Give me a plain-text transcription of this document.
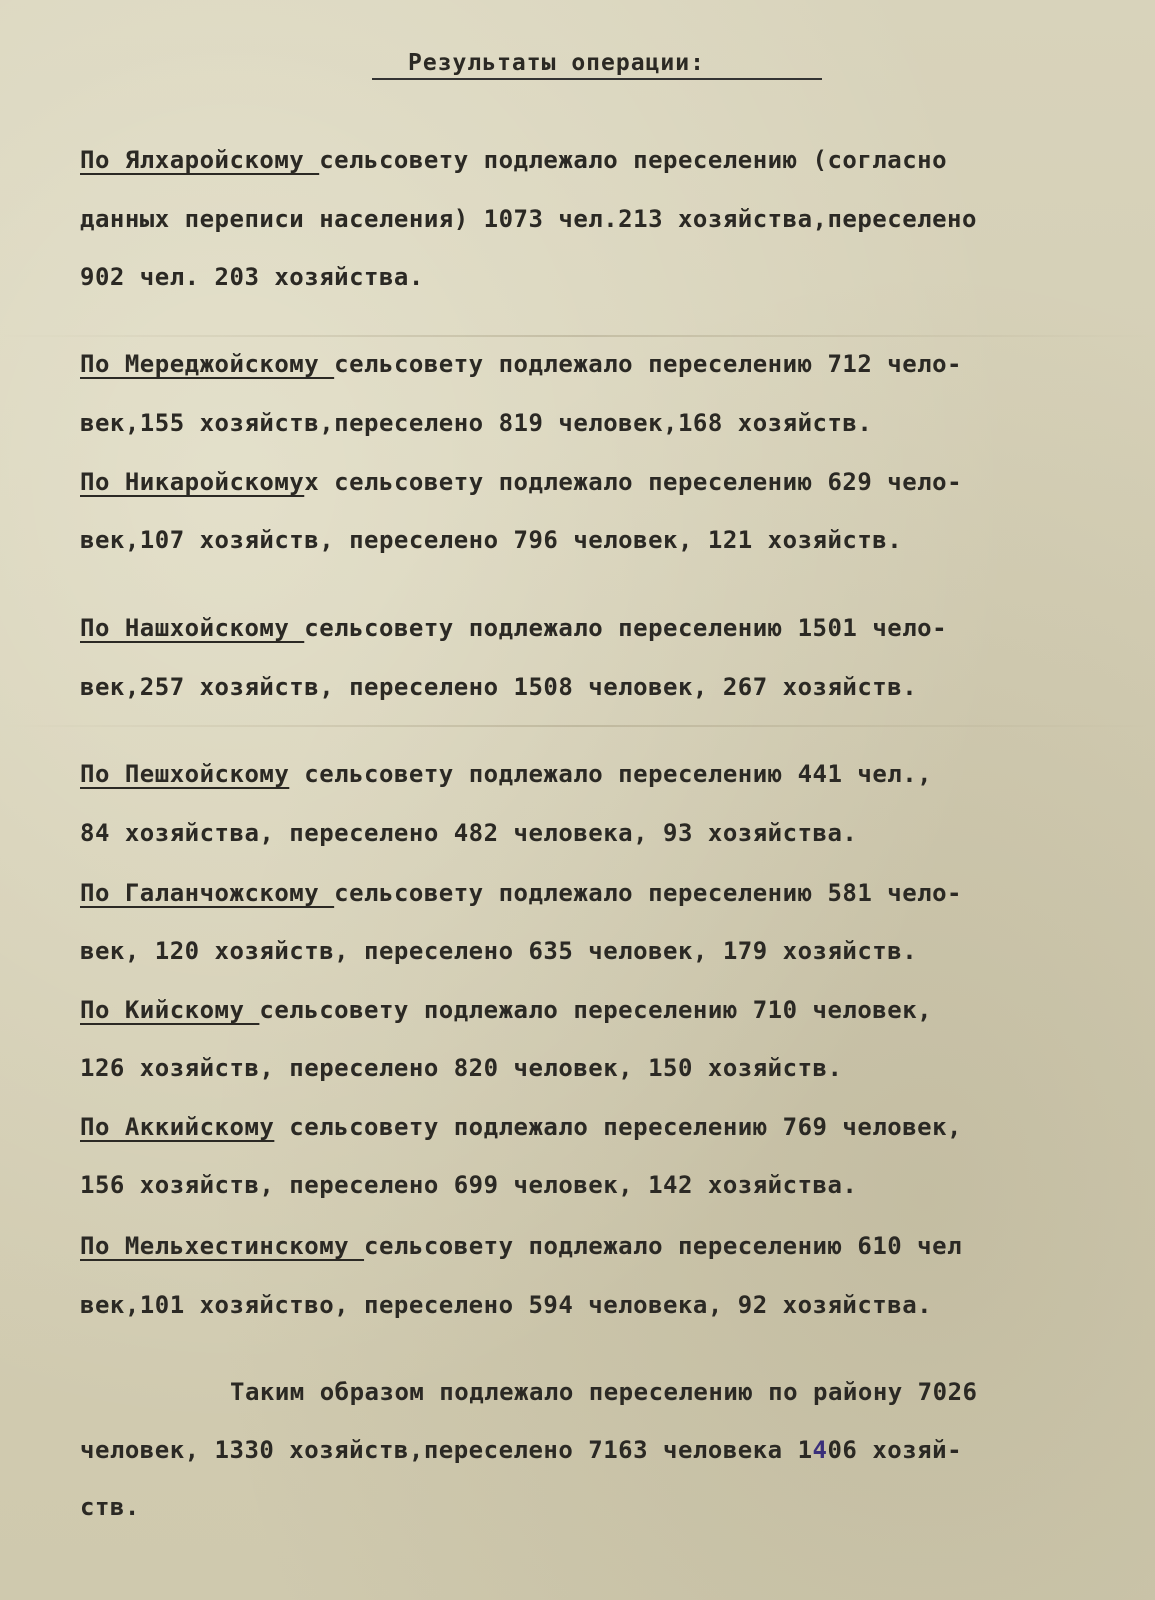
Результаты операции:
По Ялхаройскому сельсовету подлежало переселению (согласно
данных переписи населения) 1073 чел.213 хозяйства,переселено
902 чел. 203 хозяйства.
По Мереджойскому сельсовету подлежало переселению 712 чело-
век,155 хозяйств,переселено 819 человек,168 хозяйств.
По Никаройскомух сельсовету подлежало переселению 629 чело-
век,107 хозяйств, переселено 796 человек, 121 хозяйств.
По Нашхойскому сельсовету подлежало переселению 1501 чело-
век,257 хозяйств, переселено 1508 человек, 267 хозяйств.
По Пешхойскому сельсовету подлежало переселению 441 чел.,
84 хозяйства, переселено 482 человека, 93 хозяйства.
По Галанчожскому сельсовету подлежало переселению 581 чело-
век, 120 хозяйств, переселено 635 человек, 179 хозяйств.
По Кийскому сельсовету подлежало переселению 710 человек,
126 хозяйств, переселено 820 человек, 150 хозяйств.
По Аккийскому сельсовету подлежало переселению 769 человек,
156 хозяйств, переселено 699 человек, 142 хозяйства.
По Мельхестинскому сельсовету подлежало переселению 610 чел
век,101 хозяйство, переселено 594 человека, 92 хозяйства.
Таким образом подлежало переселению по району 7026
человек, 1330 хозяйств,переселено 7163 человека 1406 хозяй-
ств.
